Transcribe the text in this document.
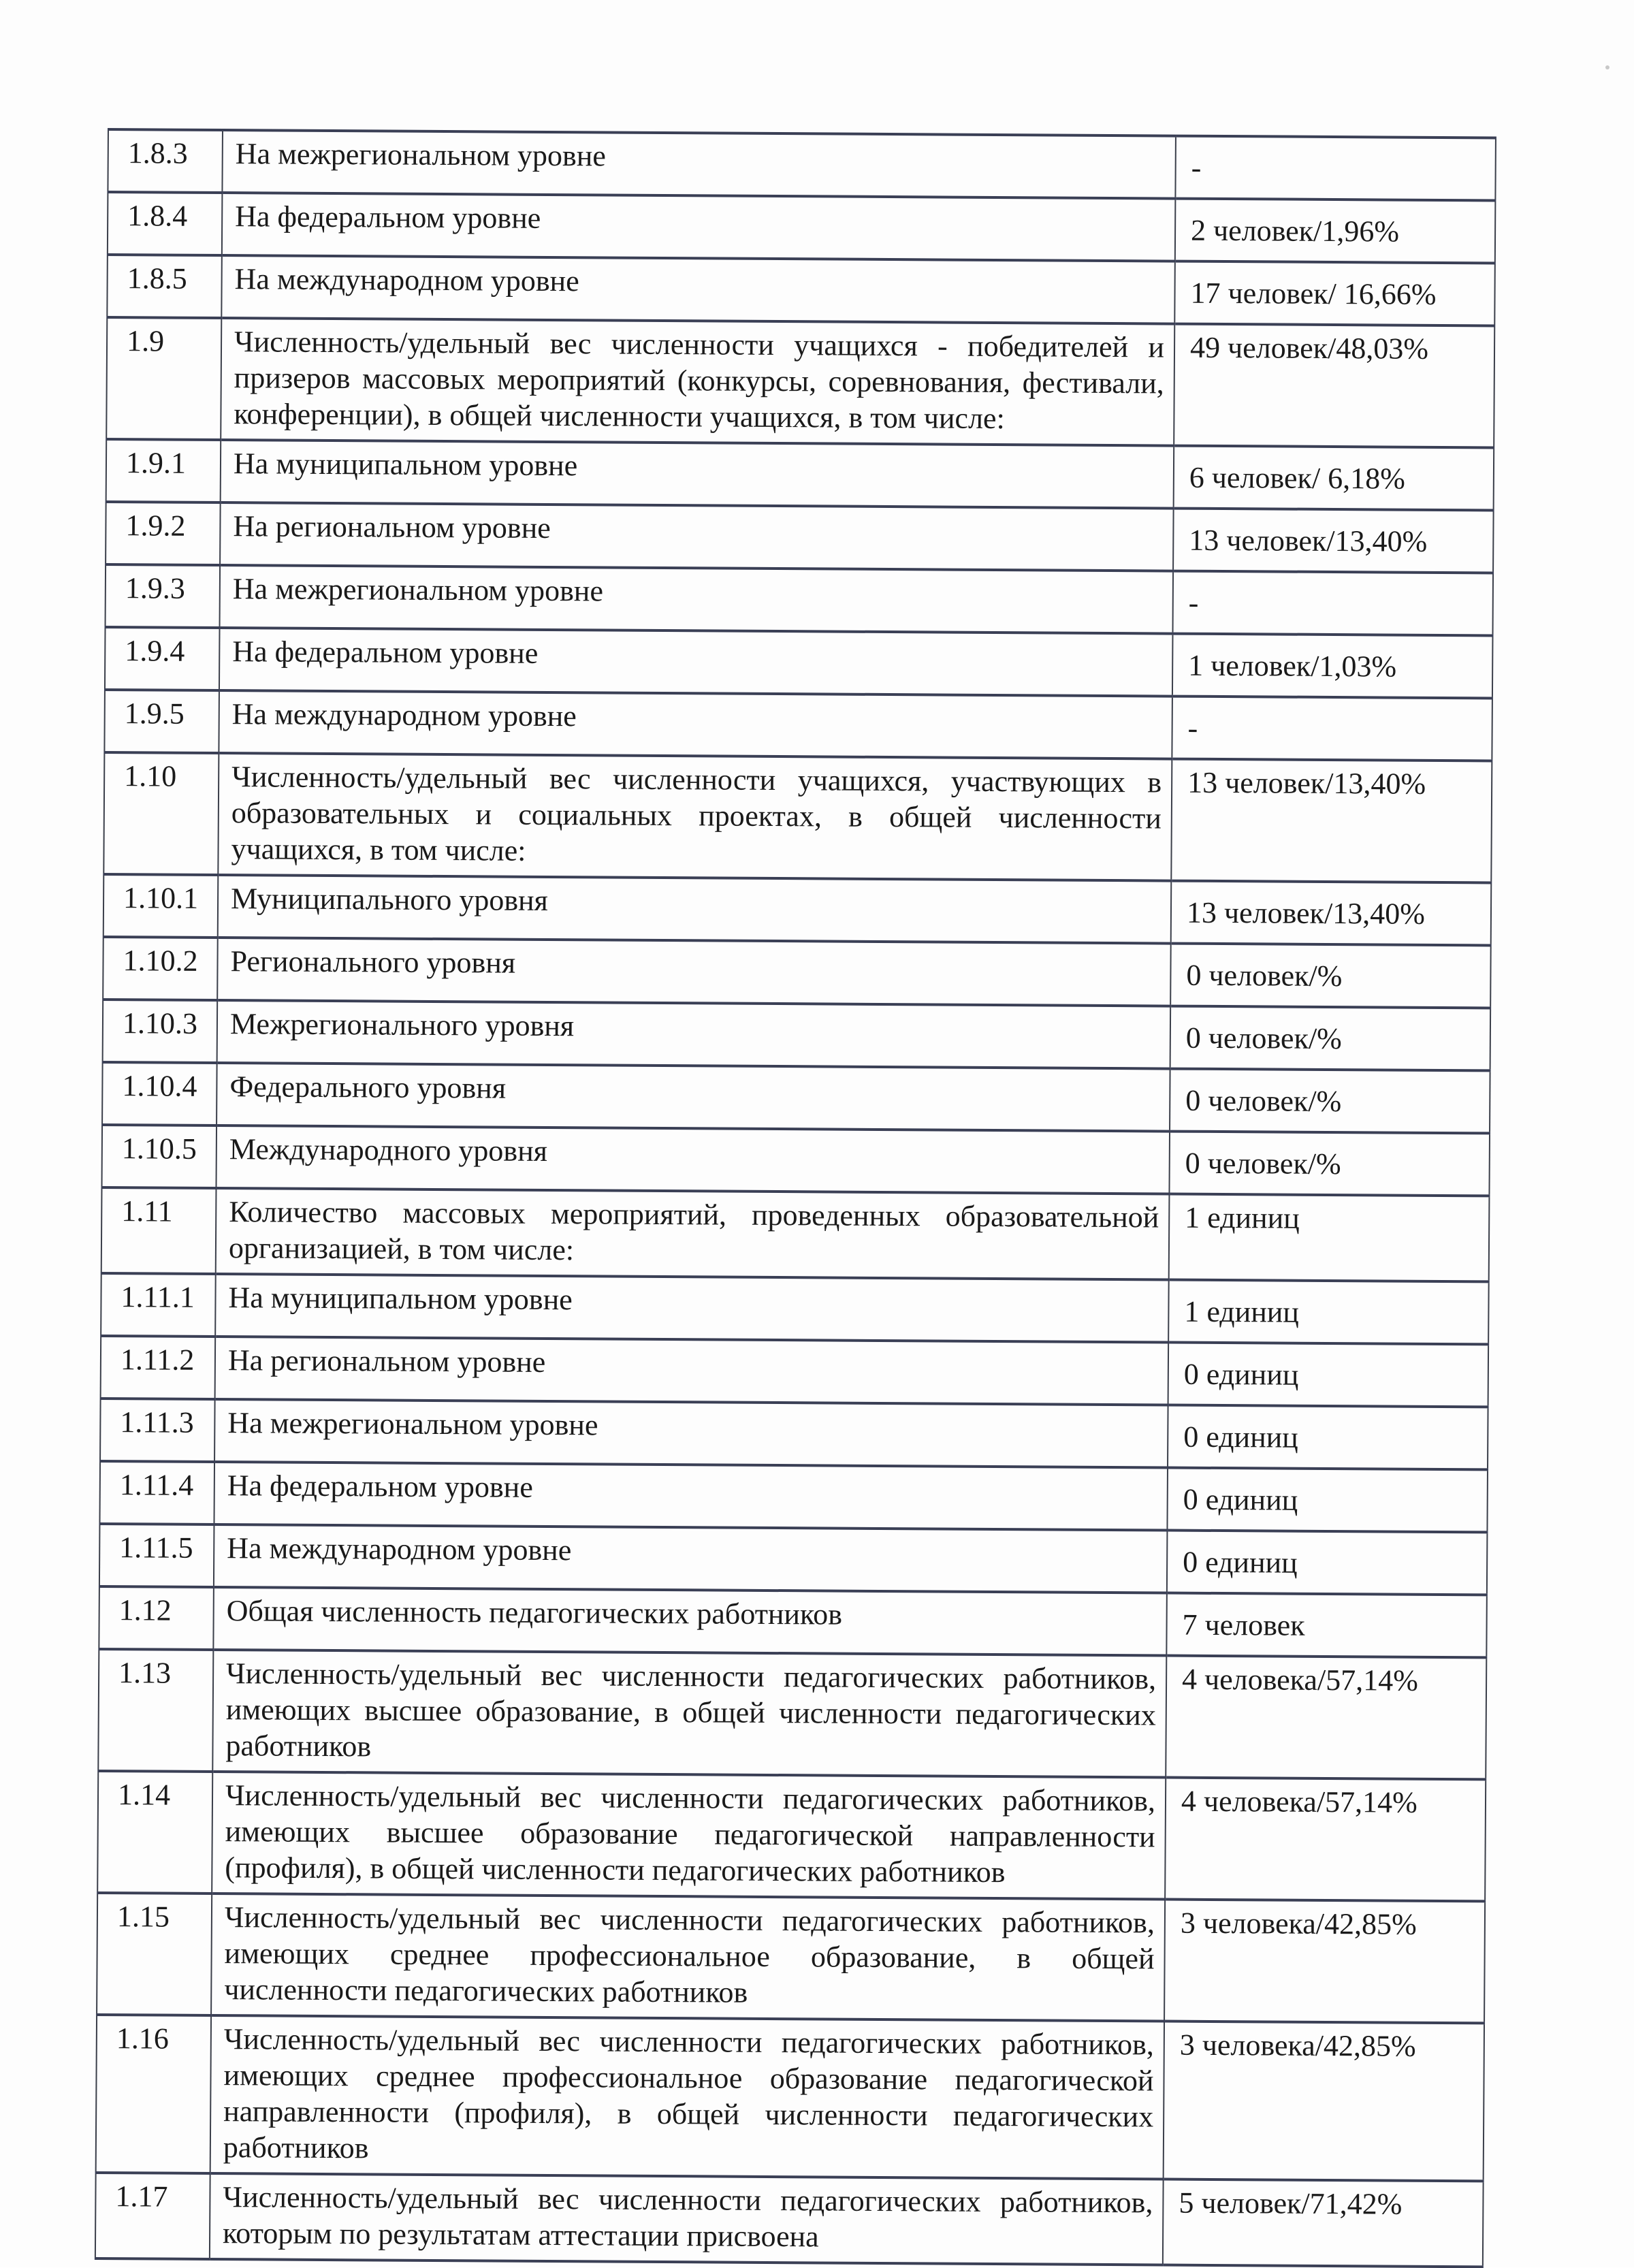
1.8.3	На межрегиональном уровне	-
1.8.4	На федеральном уровне	2 человек/1,96%
1.8.5	На международном уровне	17 человек/ 16,66%
1.9	Численность/удельный вес численности учащихся - победителей и призеров массовых мероприятий (конкурсы, соревнования, фестивали, конференции), в общей численности учащихся, в том числе:	49 человек/48,03%
1.9.1	На муниципальном уровне	6 человек/ 6,18%
1.9.2	На региональном уровне	13 человек/13,40%
1.9.3	На межрегиональном уровне	-
1.9.4	На федеральном уровне	1 человек/1,03%
1.9.5	На международном уровне	-
1.10	Численность/удельный вес численности учащихся, участвующих в образовательных и социальных проектах, в общей численности учащихся, в том числе:	13 человек/13,40%
1.10.1	Муниципального уровня	13 человек/13,40%
1.10.2	Регионального уровня	0 человек/%
1.10.3	Межрегионального уровня	0 человек/%
1.10.4	Федерального уровня	0 человек/%
1.10.5	Международного уровня	0 человек/%
1.11	Количество массовых мероприятий, проведенных образовательной организацией, в том числе:	1 единиц
1.11.1	На муниципальном уровне	1 единиц
1.11.2	На региональном уровне	0 единиц
1.11.3	На межрегиональном уровне	0 единиц
1.11.4	На федеральном уровне	0 единиц
1.11.5	На международном уровне	0 единиц
1.12	Общая численность педагогических работников	7 человек
1.13	Численность/удельный вес численности педагогических работников, имеющих высшее образование, в общей численности педагогических работников	4 человека/57,14%
1.14	Численность/удельный вес численности педагогических работников, имеющих высшее образование педагогической направленности (профиля), в общей численности педагогических работников	4 человека/57,14%
1.15	Численность/удельный вес численности педагогических работников, имеющих среднее профессиональное образование, в общей численности педагогических работников	3 человека/42,85%
1.16	Численность/удельный вес численности педагогических работников, имеющих среднее профессиональное образование педагогической направленности (профиля), в общей численности педагогических работников	3 человека/42,85%
1.17	Численность/удельный вес численности педагогических работников, которым по результатам аттестации присвоена	5 человек/71,42%
